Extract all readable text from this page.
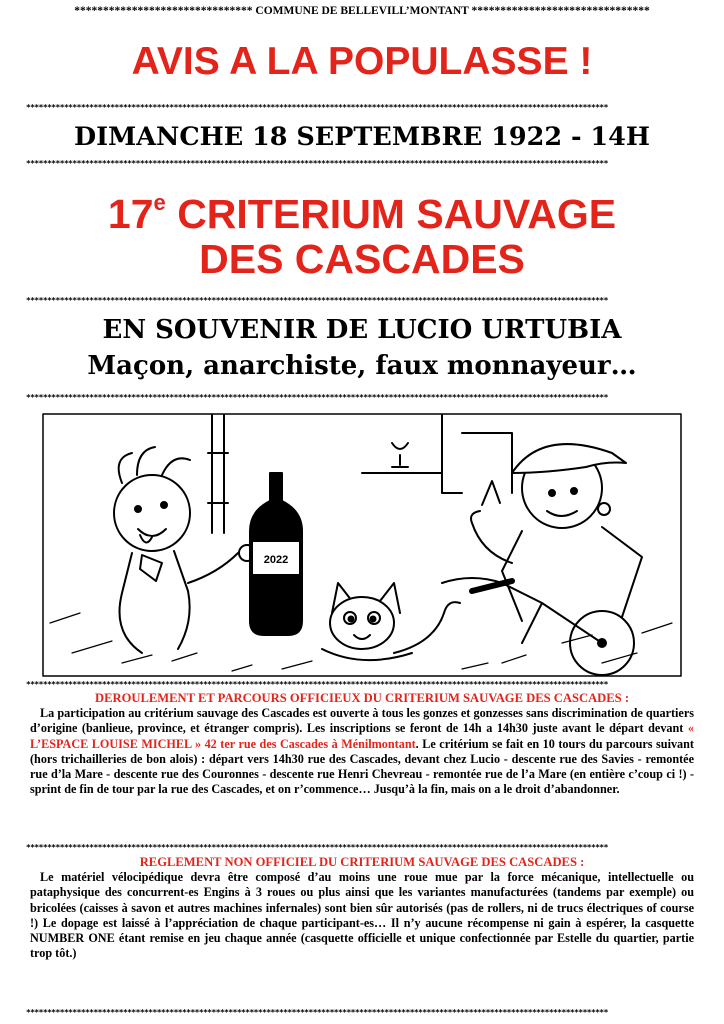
******************************* COMMUNE DE BELLEVILL’MONTANT *******************************
AVIS A LA POPULASSE !
******************************************************************************************************************************************
DIMANCHE 18 SEPTEMBRE 1922 - 14H
******************************************************************************************************************************************
17e CRITERIUM SAUVAGE
DES CASCADES
******************************************************************************************************************************************
EN SOUVENIR DE LUCIO URTUBIA
Maçon, anarchiste, faux monnayeur…
******************************************************************************************************************************************
2022
******************************************************************************************************************************************
DEROULEMENT ET PARCOURS OFFICIEUX DU CRITERIUM SAUVAGE DES CASCADES :
La participation au critérium sauvage des Cascades est ouverte à tous les gonzes et gonzesses sans discrimination de quartiers d’origine (banlieue, province, et étranger compris). Les inscriptions se feront de 14h a 14h30 juste avant le départ devant « L’ESPACE LOUISE MICHEL » 42 ter rue des Cascades à Ménilmontant. Le critérium se fait en 10 tours du parcours suivant (hors trichailleries de bon alois) : départ vers 14h30 rue des Cascades, devant chez Lucio - descente rue des Savies - remontée rue d’la Mare - descente rue des Couronnes - descente rue Henri Chevreau - remontée rue de l’a Mare (en entière c’coup ci !) - sprint de fin de tour par la rue des Cascades, et on r’commence… Jusqu’à la fin, mais on a le droit d’abandonner.
******************************************************************************************************************************************
REGLEMENT NON OFFICIEL DU CRITERIUM SAUVAGE DES CASCADES :
Le matériel vélocipédique devra être composé d’au moins une roue mue par la force mécanique, intellectuelle ou pataphysique des concurrent-es Engins à 3 roues ou plus ainsi que les variantes manufacturées (tandems par exemple) ou bricolées (caisses à savon et autres machines infernales) sont bien sûr autorisés (pas de rollers, ni de trucs électriques of course !) Le dopage est laissé à l’appréciation de chaque participant-es… Il n’y aucune récompense ni gain à espérer, la casquette NUMBER ONE étant remise en jeu chaque année (casquette officielle et unique confectionnée par Estelle du quartier, partie trop tôt.)
******************************************************************************************************************************************
